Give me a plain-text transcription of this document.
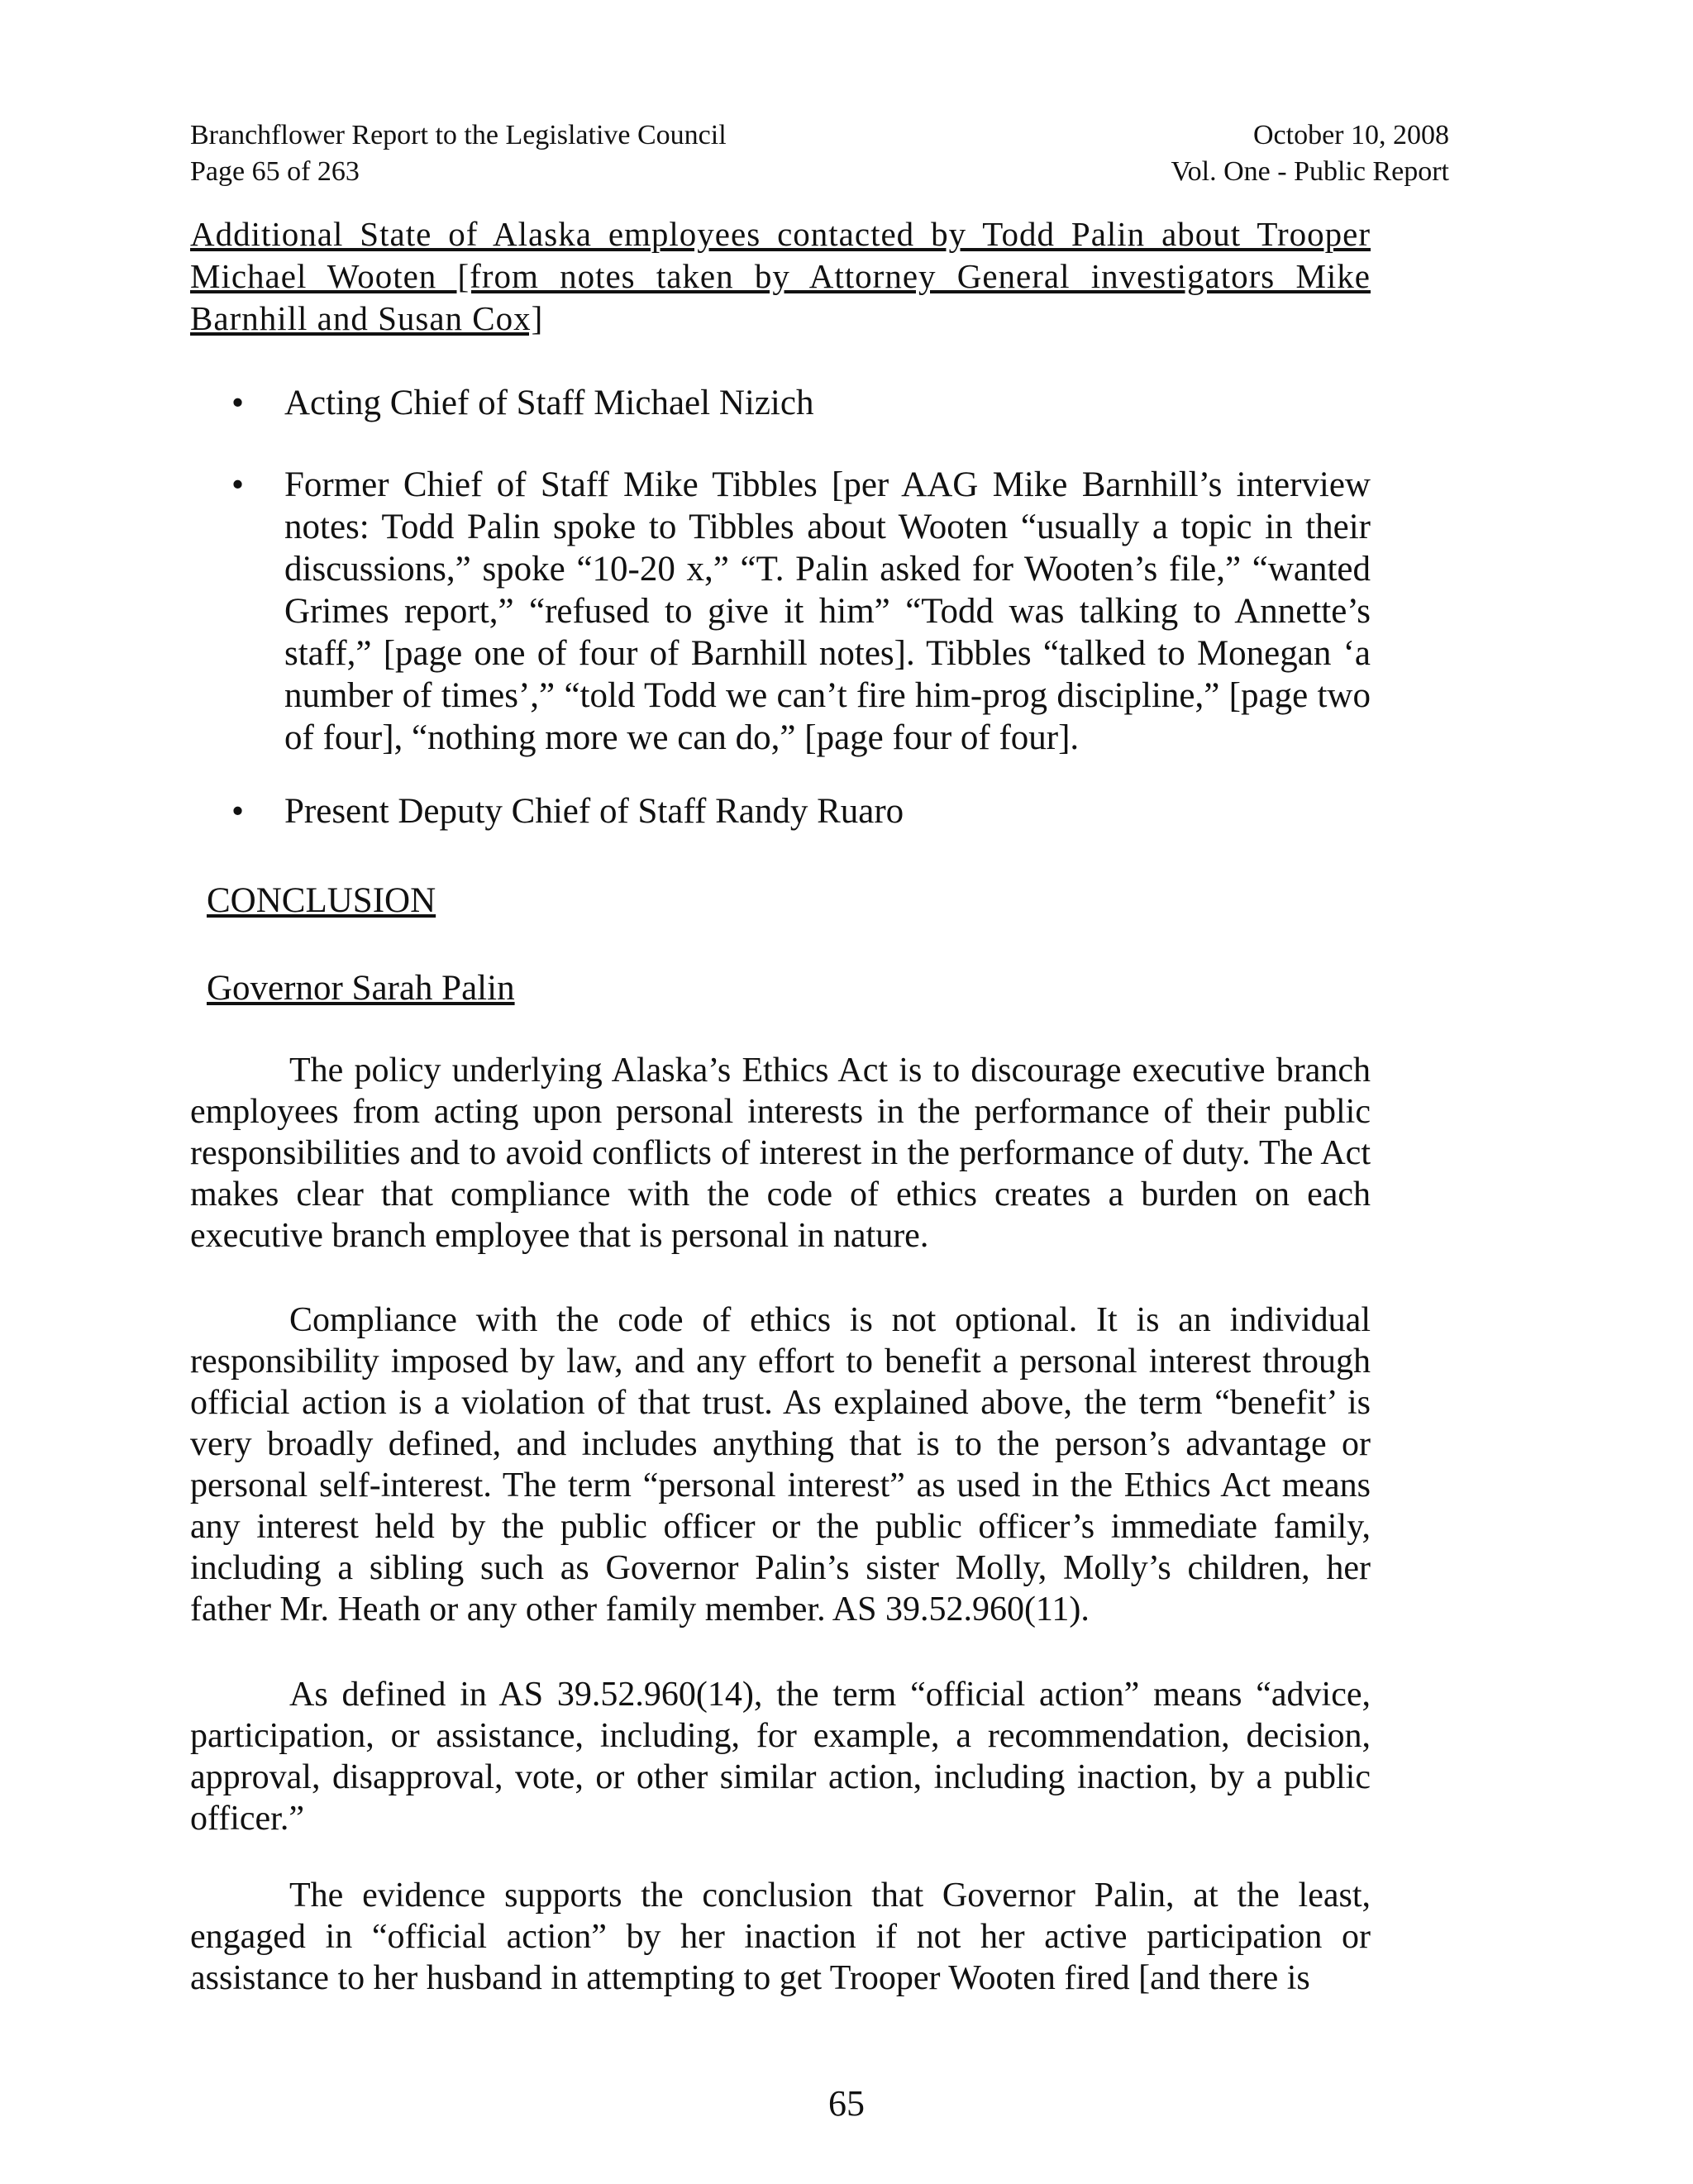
Branchflower Report to the Legislative Council
Page 65 of 263
October 10, 2008
Vol. One - Public Report
Additional State of Alaska employees contacted by Todd Palin about Trooper Michael Wooten [from notes taken by Attorney General investigators Mike Barnhill and Susan Cox]
• Acting Chief of Staff Michael Nizich
• Former Chief of Staff Mike Tibbles [per AAG Mike Barnhill’s interview notes: Todd Palin spoke to Tibbles about Wooten “usually a topic in their discussions,” spoke “10-20 x,” “T. Palin asked for Wooten’s file,” “wanted Grimes report,” “refused to give it him” “Todd was talking to Annette’s staff,” [page one of four of Barnhill notes]. Tibbles “talked to Monegan ‘a number of times’,” “told Todd we can’t fire him-prog discipline,” [page two of four], “nothing more we can do,” [page four of four].
• Present Deputy Chief of Staff Randy Ruaro
CONCLUSION
Governor Sarah Palin

The policy underlying Alaska’s Ethics Act is to discourage executive branch employees from acting upon personal interests in the performance of their public responsibilities and to avoid conflicts of interest in the performance of duty. The Act makes clear that compliance with the code of ethics creates a burden on each executive branch employee that is personal in nature.

Compliance with the code of ethics is not optional. It is an individual responsibility imposed by law, and any effort to benefit a personal interest through official action is a violation of that trust. As explained above, the term “benefit’ is very broadly defined, and includes anything that is to the person’s advantage or personal self-interest. The term “personal interest” as used in the Ethics Act means any interest held by the public officer or the public officer’s immediate family, including a sibling such as Governor Palin’s sister Molly, Molly’s children, her father Mr. Heath or any other family member. AS 39.52.960(11).

As defined in AS 39.52.960(14), the term “official action” means “advice, participation, or assistance, including, for example, a recommendation, decision, approval, disapproval, vote, or other similar action, including inaction, by a public officer.”

The evidence supports the conclusion that Governor Palin, at the least, engaged in “official action” by her inaction if not her active participation or assistance to her husband in attempting to get Trooper Wooten fired [and there is

65
